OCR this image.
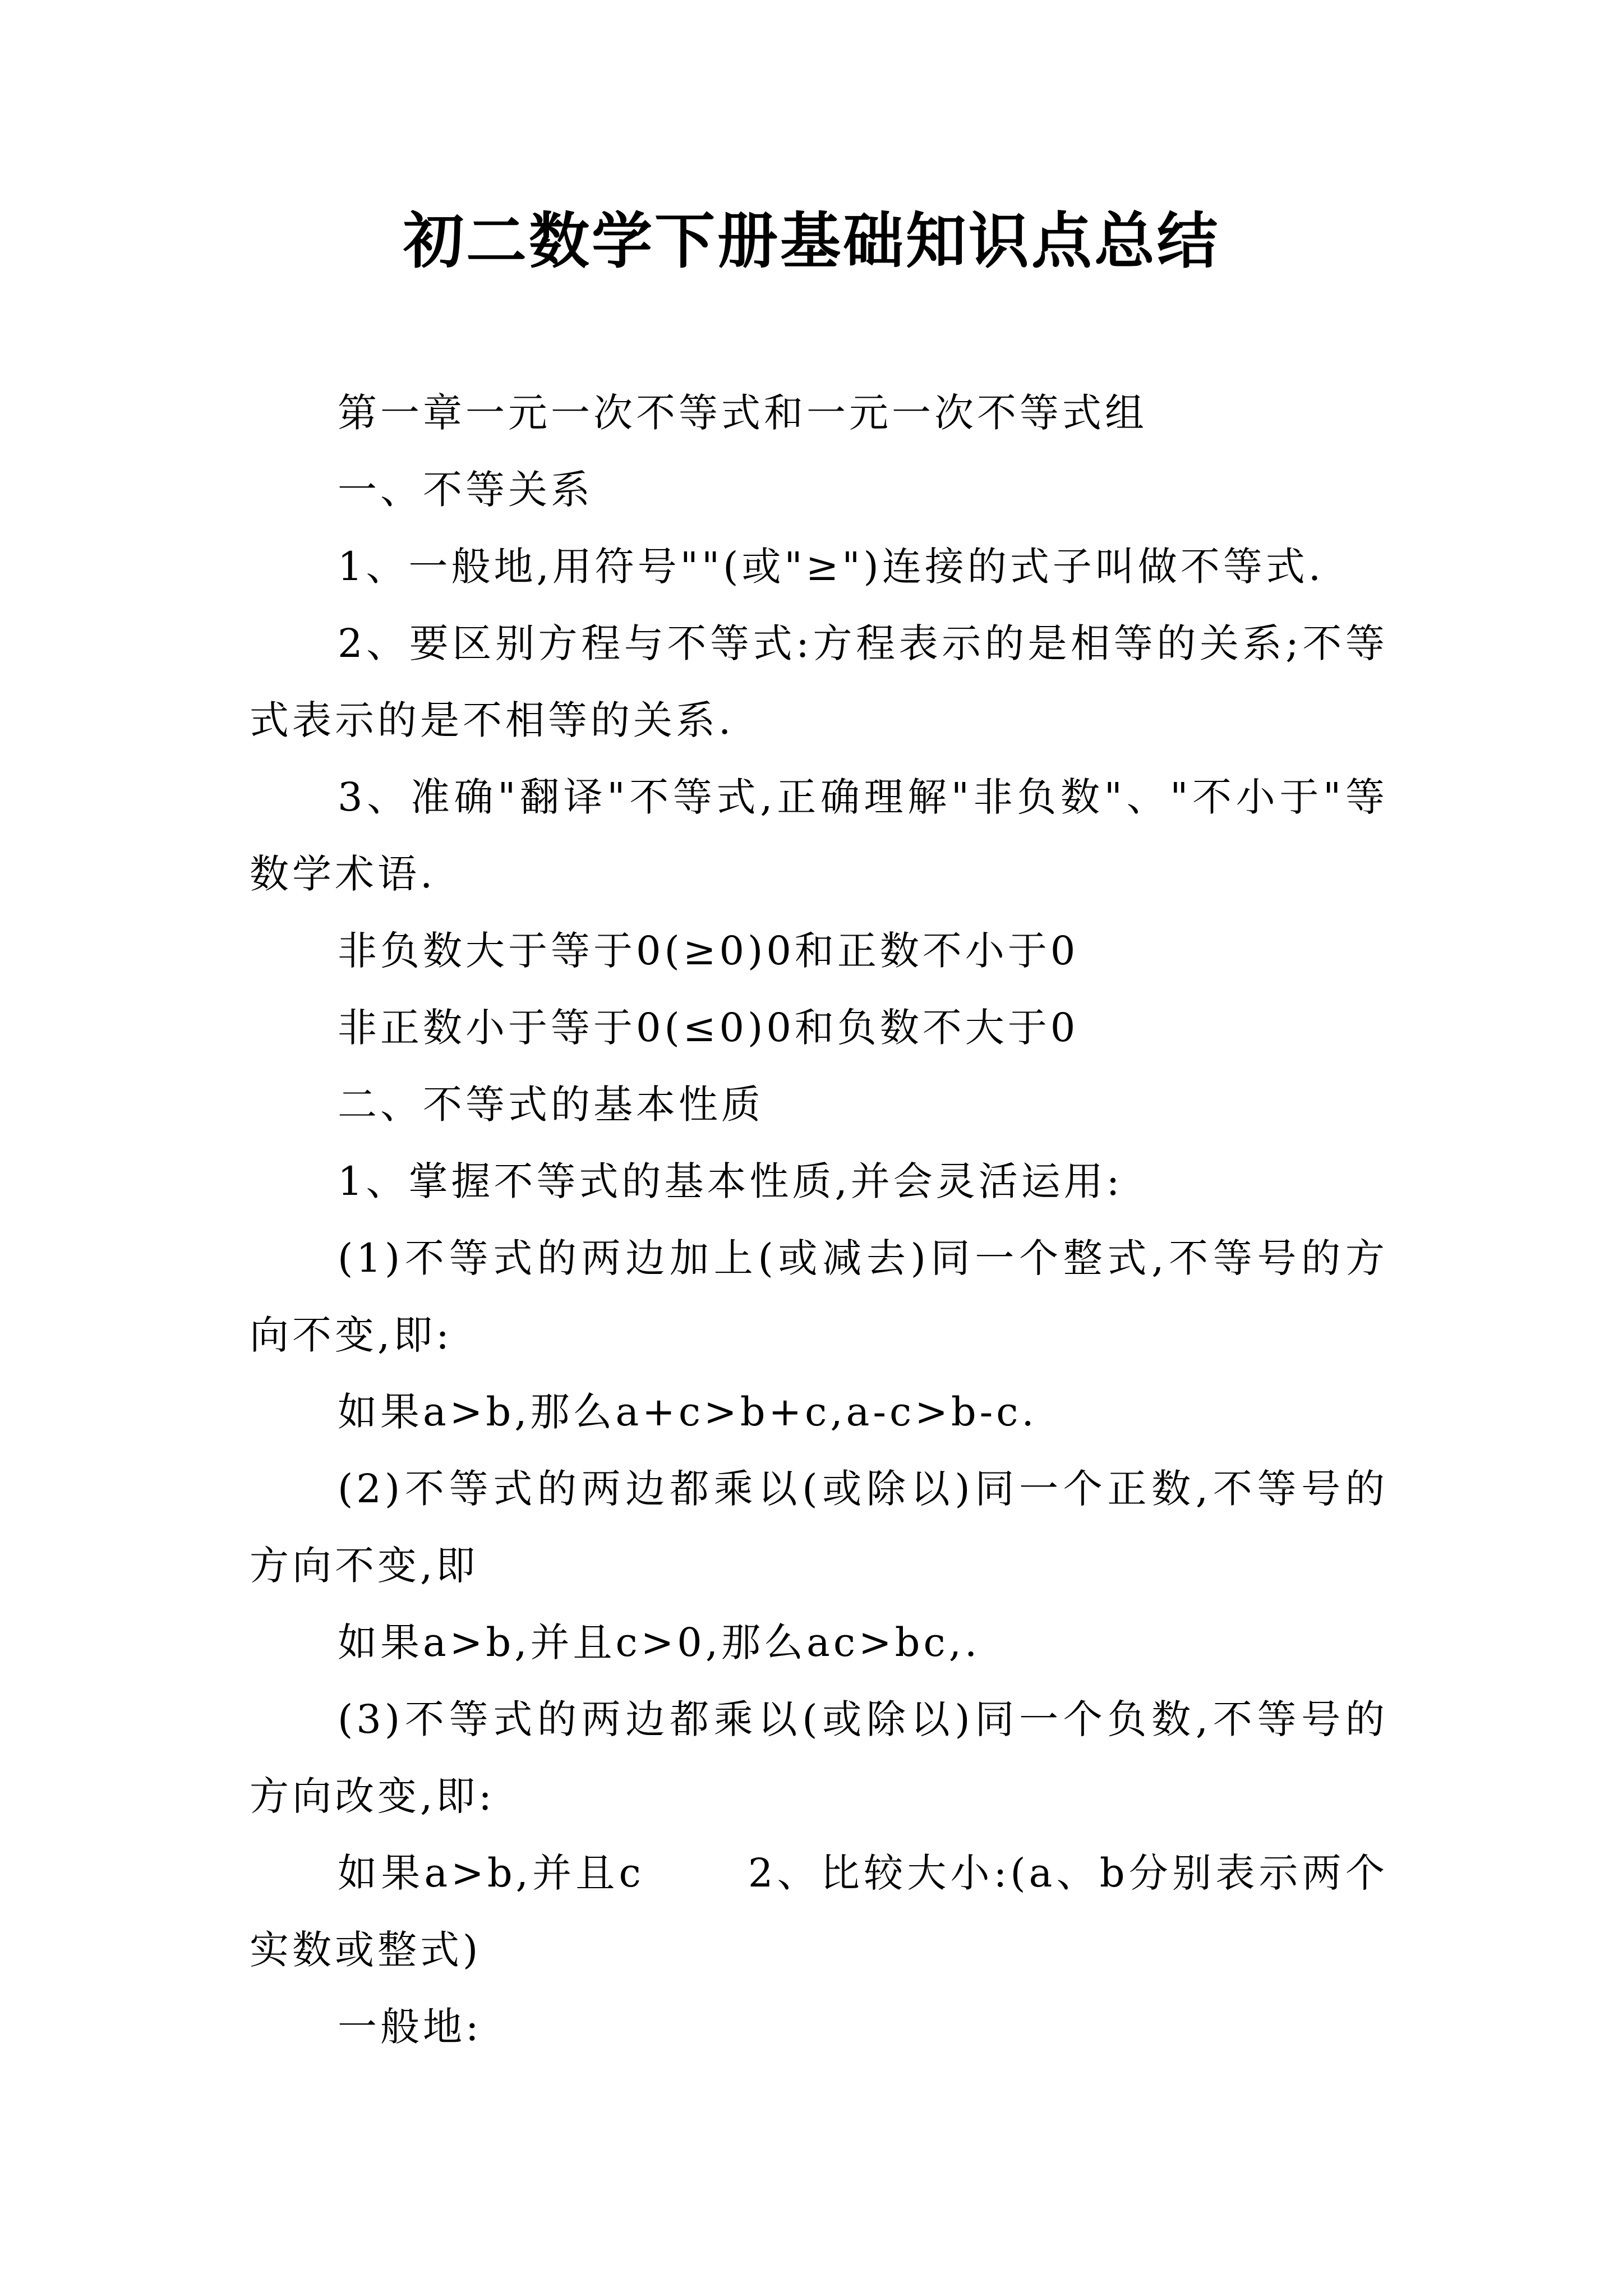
初二数学下册基础知识点总结

第一章一元一次不等式和一元一次不等式组

一、不等关系

1、一般地,用符号""(或"≥")连接的式子叫做不等式.

2、要区别方程与不等式:方程表示的是相等的关系;不等式表示的是不相等的关系.

3、准确"翻译"不等式,正确理解"非负数"、"不小于"等数学术语.

非负数大于等于0(≥0)0和正数不小于0

非正数小于等于0(≤0)0和负数不大于0

二、不等式的基本性质

1、掌握不等式的基本性质,并会灵活运用:

(1)不等式的两边加上(或减去)同一个整式,不等号的方向不变,即:

如果a>b,那么a+c>b+c,a-c>b-c.

(2)不等式的两边都乘以(或除以)同一个正数,不等号的方向不变,即

如果a>b,并且c>0,那么ac>bc,.

(3)不等式的两边都乘以(或除以)同一个负数,不等号的方向改变,即:

如果a>b,并且c　　 2、比较大小:(a、b分别表示两个实数或整式)

一般地:
